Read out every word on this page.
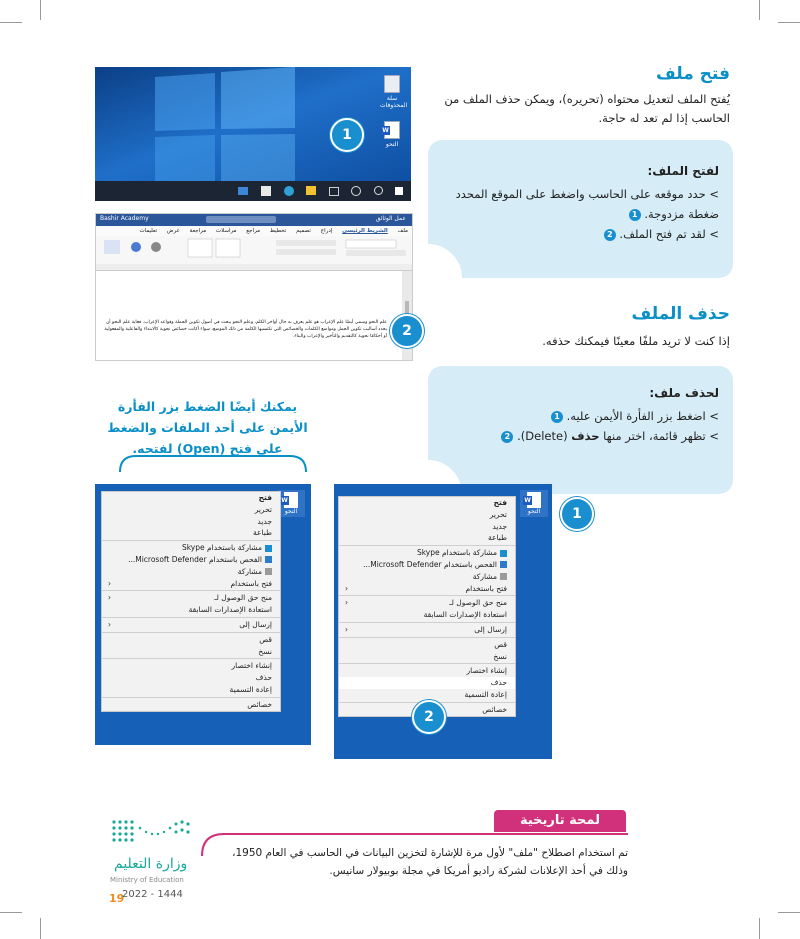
فتح ملف
يُفتح الملف لتعديل محتواه (تحريره)، ويمكن حذف الملف من الحاسب إذا لم تعد له حاجة.
لفتح الملف:
> حدد موقعه على الحاسب واضغط على الموقع المحدد ضغطة مزدوجة. 1
> لقد تم فتح الملف. 2
حذف الملف
إذا كنت لا تريد ملفًا معينًا فيمكنك حذفه.
لحذف ملف:
> اضغط بزر الفأرة الأيمن عليه. 1
> تظهر قائمة، اختر منها حذف (Delete). 2
سلة المحذوفات
W
التحو
1
Bashir Academy	عمل الوثائق
ملف الشريط الرئيسي إدراج تصميم تخطيط مراجع مراسلات مراجعة عرض تعليمات
علم النحو وسمى أيضًا علم الإعراب هو علم يعرف به حال أواخر الكلم، وعلم النحو يبحث في أصول تكوين الجملة وقواعد الإعراب. فغاية علم النحو أن يحدد أساليب تكوين الجمل ومواضع الكلمات والخصائص التي تكتسبها الكلمة من ذلك الموضع، سواء أكانت خصائص نحوية كالابتداء والفاعلية والمفعولية أو أحكامًا نحوية كالتقديم والتأخير والإعراب والبناء.	2
يمكنك أيضًا الضغط بزر الفأرة الأيمن على أحد الملفات والضغط على فتح (Open) لفتحه.
W
التحو
فتح
تحرير
جديد
طباعة
مشاركة باستخدام Skype
الفحص باستخدام Microsoft Defender...
مشاركة
فتح باستخدام
‹
منح حق الوصول لـ
‹
استعادة الإصدارات السابقة
إرسال إلى
‹
قص
نسخ
إنشاء اختصار
حذف
إعادة التسمية
خصائص
W
التحو
فتح
تحرير
جديد
طباعة
مشاركة باستخدام Skype
الفحص باستخدام Microsoft Defender...
مشاركة
فتح باستخدام
‹
منح حق الوصول لـ
‹
استعادة الإصدارات السابقة
إرسال إلى
‹
قص
نسخ
إنشاء اختصار
حذف
إعادة التسمية
خصائص
1
2
لمحة تاريخية
تم استخدام اصطلاح "ملف" لأول مرة للإشارة لتخزين البيانات في الحاسب في العام 1950، وذلك في أحد الإعلانات لشركة راديو أمريكا في مجلة بوبيولار سانيس.
وزارة التعليم
Ministry of Education
19
2022 - 1444
